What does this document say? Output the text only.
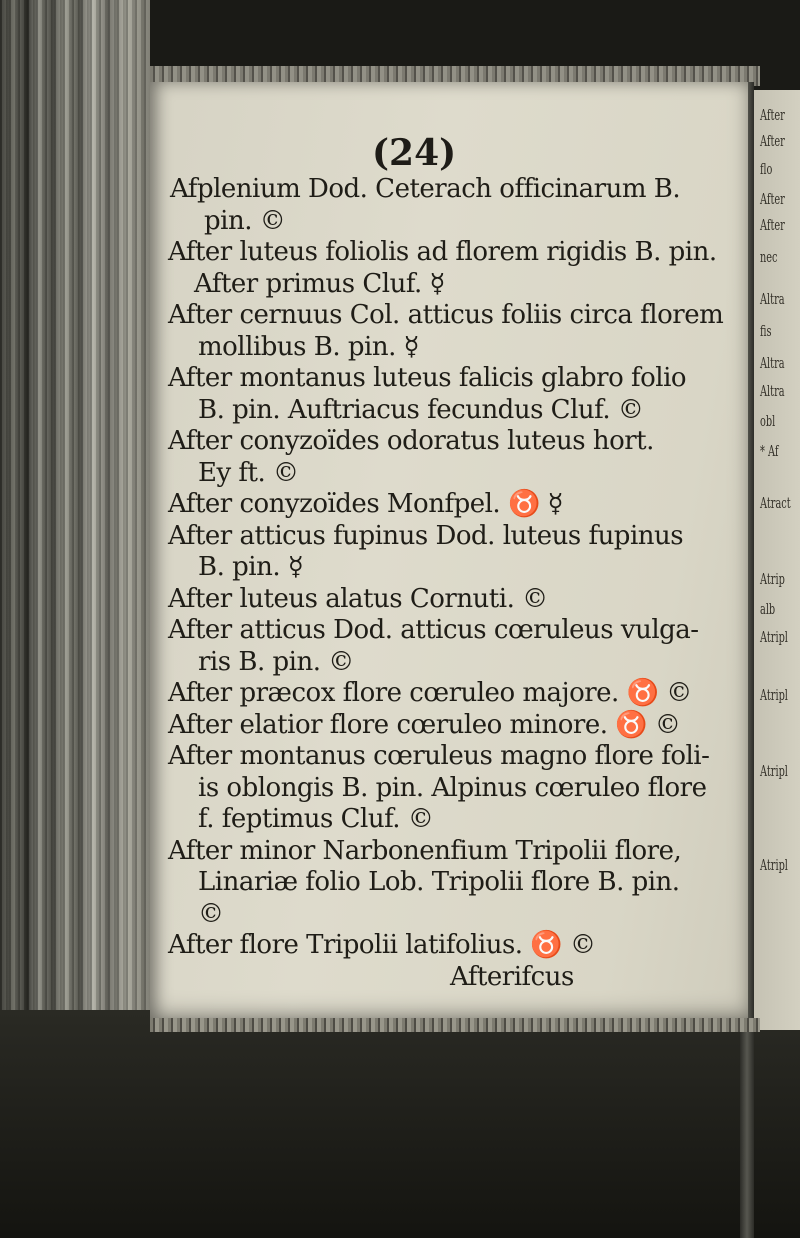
After
After
flo
After
After
nec
Altra
fis
Altra
Altra
obl
* Af
Atract
Atrip
alb
Atripl
Atripl
Atripl
Atripl
(24)
Afplenium Dod. Ceterach officinarum B.
pin. ©
After luteus foliolis ad florem rigidis B. pin.
After primus Cluf. ☿
After cernuus Col. atticus foliis circa florem
mollibus B. pin. ☿
After montanus luteus falicis glabro folio
B. pin. Auftriacus fecundus Cluf. ©
After conyzoïdes odoratus luteus hort.
Ey ft. ©
After conyzoïdes Monfpel. ♉ ☿
After atticus fupinus Dod. luteus fupinus
B. pin. ☿
After luteus alatus Cornuti. ©
After atticus Dod. atticus cœruleus vulga-
ris B. pin. ©
After præcox flore cœruleo majore. ♉ ©
After elatior flore cœruleo minore. ♉ ©
After montanus cœruleus magno flore foli-
is oblongis B. pin. Alpinus cœruleo flore
f. feptimus Cluf. ©
After minor Narbonenfium Tripolii flore,
Linariæ folio Lob. Tripolii flore B. pin.
©
After flore Tripolii latifolius. ♉ ©
Afterifcus
